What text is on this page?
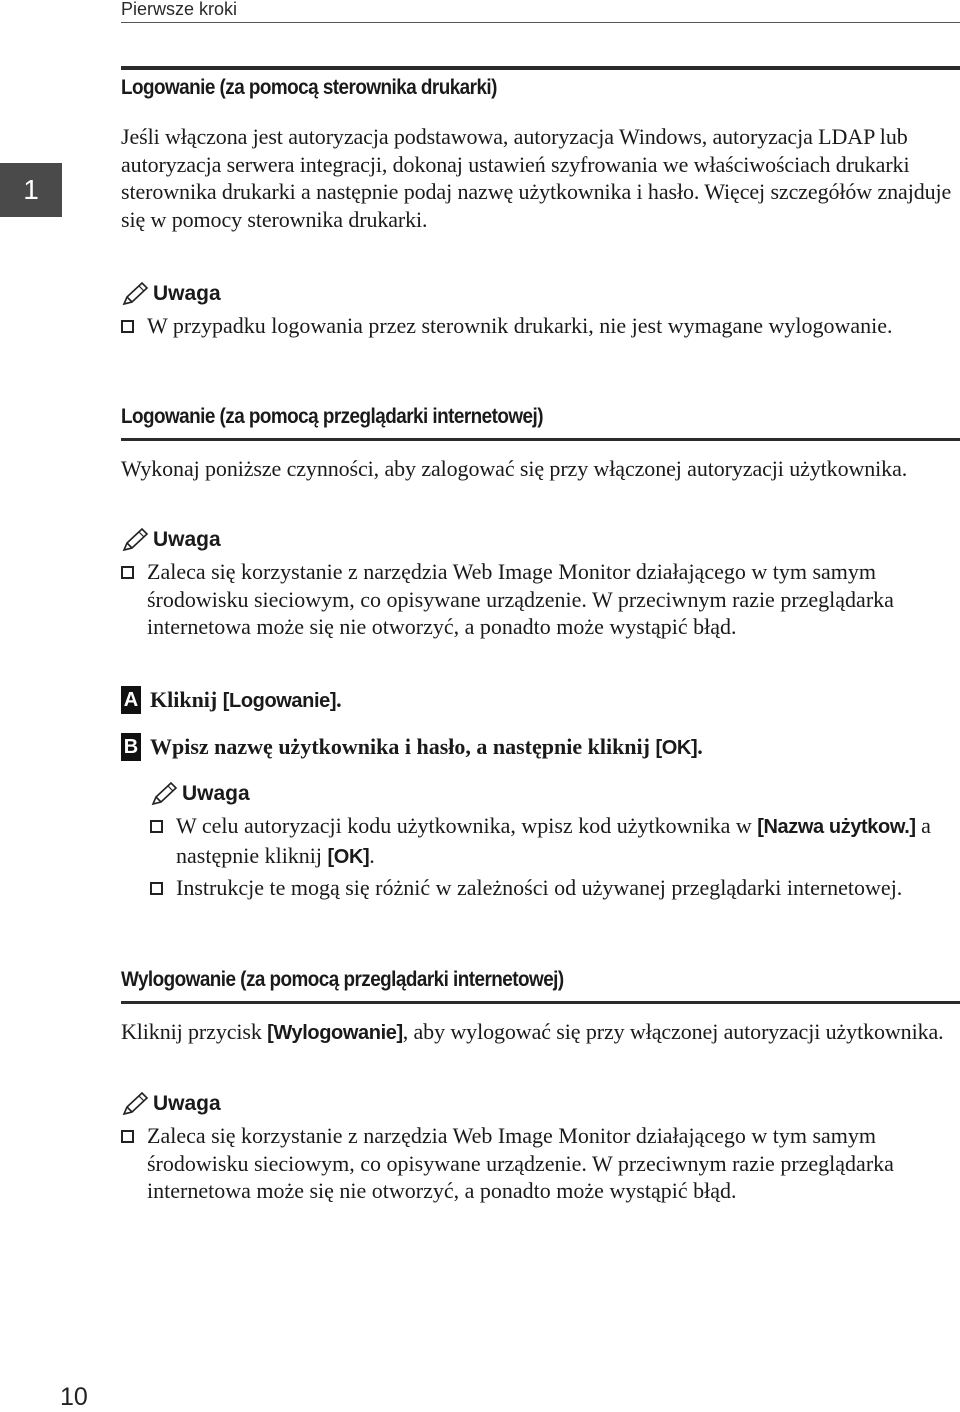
Pierwsze kroki
1
Logowanie (za pomocą sterownika drukarki)

Jeśli włączona jest autoryzacja podstawowa, autoryzacja Windows, autoryzacja LDAP lub autoryzacja serwera integracji, dokonaj ustawień szyfrowania we właściwościach drukarki sterownika drukarki a następnie podaj nazwę użytkownika i hasło. Więcej szczegółów znajduje się w pomocy sterownika drukarki.

Uwaga
W przypadku logowania przez sterownik drukarki, nie jest wymagane wylogowanie.
Logowanie (za pomocą przeglądarki internetowej)

Wykonaj poniższe czynności, aby zalogować się przy włączonej autoryzacji użytkownika.

Uwaga
Zaleca się korzystanie z narzędzia Web Image Monitor działającego w tym samym środowisku sieciowym, co opisywane urządzenie. W przeciwnym razie przeglądarka internetowa może się nie otworzyć, a ponadto może wystąpić błąd.
A Kliknij [Logowanie].
B Wpisz nazwę użytkownika i hasło, a następnie kliknij [OK].
Uwaga
W celu autoryzacji kodu użytkownika, wpisz kod użytkownika w [Nazwa użytkow.] a następnie kliknij [OK].
Instrukcje te mogą się różnić w zależności od używanej przeglądarki internetowej.
Wylogowanie (za pomocą przeglądarki internetowej)

Kliknij przycisk [Wylogowanie], aby wylogować się przy włączonej autoryzacji użytkownika.

Uwaga
Zaleca się korzystanie z narzędzia Web Image Monitor działającego w tym samym środowisku sieciowym, co opisywane urządzenie. W przeciwnym razie przeglądarka internetowa może się nie otworzyć, a ponadto może wystąpić błąd.
10
